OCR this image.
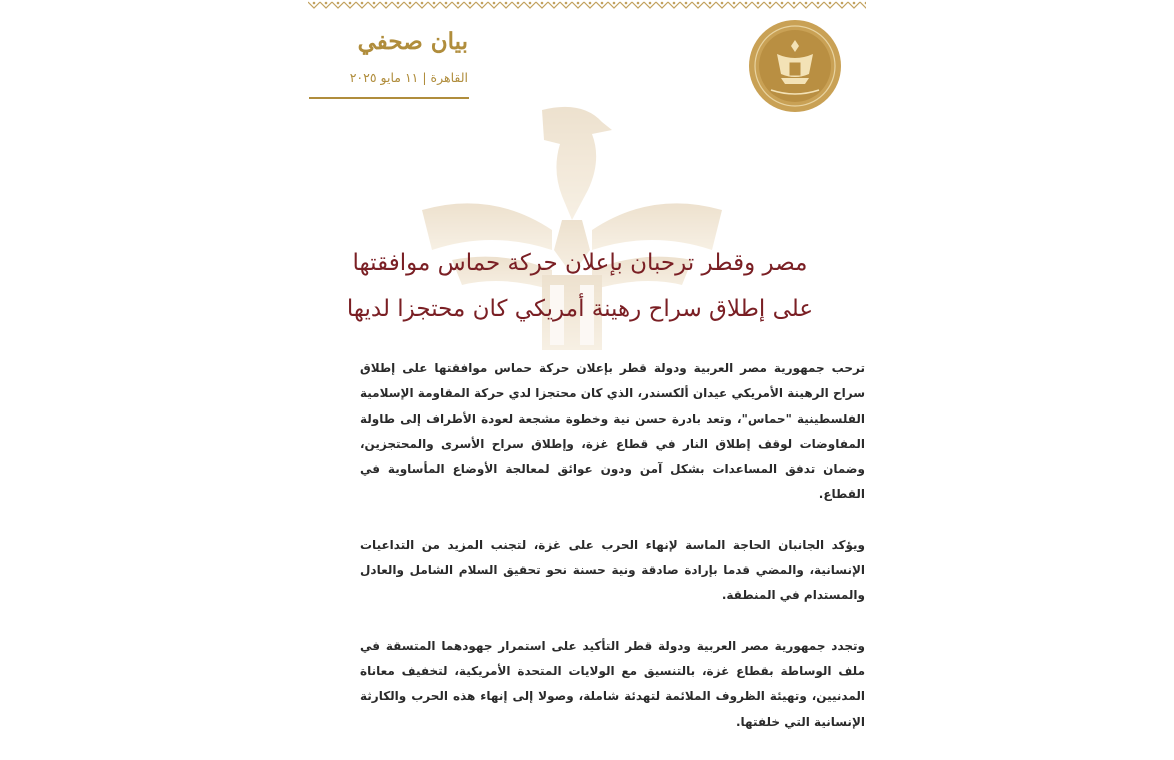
بيان صحفي
القاهرة | ١١ مايو ٢٠٢٥
مصر وقطر ترحبان بإعلان حركة حماس موافقتها على إطلاق سراح رهينة أمريكي كان محتجزا لديها

ترحب جمهورية مصر العربية ودولة قطر بإعلان حركة حماس موافقتها على إطلاق سراح الرهينة الأمريكي عيدان ألكسندر، الذي كان محتجزا لدي حركة المقاومة الإسلامية الفلسطينية "حماس"، وتعد بادرة حسن نية وخطوة مشجعة لعودة الأطراف إلى طاولة المفاوضات لوقف إطلاق النار في قطاع غزة، وإطلاق سراح الأسرى والمحتجزين، وضمان تدفق المساعدات بشكل آمن ودون عوائق لمعالجة الأوضاع المأساوية في القطاع.

ويؤكد الجانبان الحاجة الماسة لإنهاء الحرب على غزة، لتجنب المزيد من التداعيات الإنسانية، والمضي قدما بإرادة صادقة ونية حسنة نحو تحقيق السلام الشامل والعادل والمستدام في المنطقة.

وتجدد جمهورية مصر العربية ودولة قطر التأكيد على استمرار جهودهما المتسقة في ملف الوساطة بقطاع غزة، بالتنسيق مع الولايات المتحدة الأمريكية، لتخفيف معاناة المدنيين، وتهيئة الظروف الملائمة لتهدئة شاملة، وصولا إلى إنهاء هذه الحرب والكارثة الإنسانية التي خلفتها.
